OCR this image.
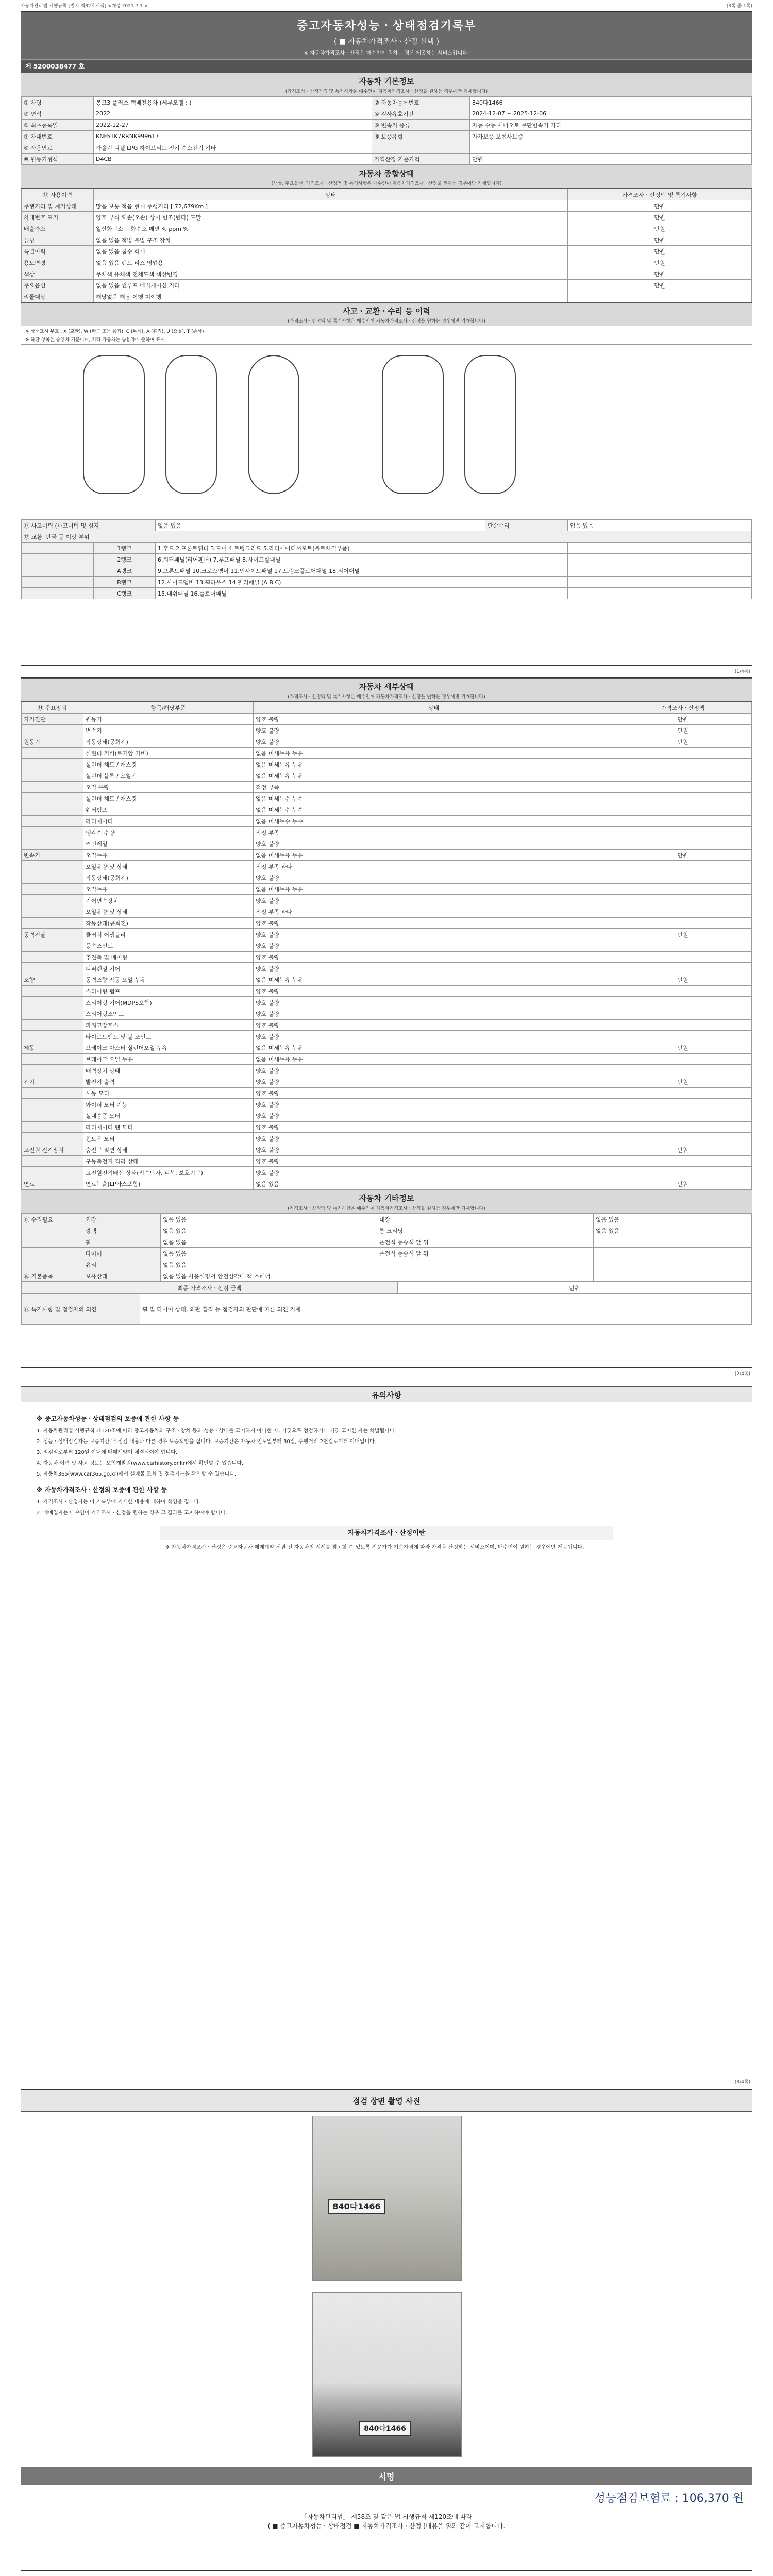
자동차관리법 시행규칙 [별지 제82호서식] <개정 2021.7.1.>	(3쪽 중 1쪽)
중고자동차성능ㆍ상태점검기록부
( ■ 자동차가격조사ㆍ산정 선택 )
※ 자동차가격조사ㆍ산정은 매수인이 원하는 경우 제공하는 서비스입니다.
제 5200038477 호
자동차 기본정보
(가격조사ㆍ산정가격 및 특기사항은 매수인이 자동차가격조사ㆍ산정을 원하는 경우에만 기재합니다)
① 차명	봉고3 플러스 택배전용차 (세부모델 : )	② 자동차등록번호	840다1466
③ 연식	2022	④ 검사유효기간	2024-12-07 ~ 2025-12-06
⑤ 최초등록일	2022-12-27	⑥ 변속기 종류	자동 수동 세미오토 무단변속기 기타
⑦ 차대번호	KNFSTK7RRNK999617	⑧ 보증유형	자가보증 보험사보증
⑨ 사용연료	가솔린 디젤 LPG 하이브리드 전기 수소전기 기타		
⑩ 원동기형식	D4CB	가격산정 기준가격	만원
자동차 종합상태
(색상, 주요옵션, 가격조사ㆍ산정액 및 특기사항은 매수인이 자동차가격조사ㆍ산정을 원하는 경우에만 기재합니다)
⑪ 사용이력	상태	가격조사ㆍ산정액 및 특기사항
주행거리 및 계기상태	많음 보통 적음 현재 주행거리 [ 72,679Km ]	만원
차대번호 표기	양호 부식 훼손(오손) 상이 변조(변타) 도말	만원
배출가스	일산화탄소 탄화수소 매연 % ppm %	만원
튜닝	없음 있음 적법 불법 구조 장치	만원
특별이력	없음 있음 침수 화재	만원
용도변경	없음 있음 렌트 리스 영업용	만원
색상	무채색 유채색 전체도색 색상변경	만원
주요옵션	없음 있음 썬루프 네비게이션 기타	만원
리콜대상	해당없음 해당 이행 미이행	
사고ㆍ교환ㆍ수리 등 이력
(가격조사ㆍ산정액 및 특기사항은 매수인이 자동차가격조사ㆍ산정을 원하는 경우에만 기재합니다)
※ 상태표시 부호 : X (교환), W (판금 또는 용접), C (부식), A (흠집), U (요철), T (손상)
※ 하단 항목은 승용차 기준이며, 기타 자동차는 승용차에 준하여 표시
⑫ 사고이력 (사고이력 및 심지		없음 있음	단순수리	없음 있음
⑬ 교환, 판금 등 이상 부위				
	1랭크	1.후드 2.프론트휀더 3.도어 4.트렁크리드 5.라디에이터서포트(볼트체결부품)		
	2랭크	6.쿼터패널(리어휀더) 7.루프패널 8.사이드실패널		
	A랭크	9.프론트패널 10.크로스멤버 11.인사이드패널 17.트렁크플로어패널 18.리어패널		
	B랭크	12.사이드멤버 13.휠하우스 14.필러패널 (A B C)		
	C랭크	15.대쉬패널 16.플로어패널		
(1/4쪽)
자동차 세부상태
(가격조사ㆍ산정액 및 특기사항은 매수인이 자동차가격조사ㆍ산정을 원하는 경우에만 기재합니다)
⑭ 주요장치	항목/해당부품	상태	가격조사ㆍ산정액
자기진단	원동기	양호 불량	만원
	변속기	양호 불량	만원
원동기	작동상태(공회전)	양호 불량	만원
	실린더 커버(로커암 커버)	없음 미세누유 누유	
	실린더 헤드 / 개스킷	없음 미세누유 누유	
	실린더 블록 / 오일팬	없음 미세누유 누유	
	오일 유량	적정 부족	
	실린더 헤드 / 개스킷	없음 미세누수 누수	
	워터펌프	없음 미세누수 누수	
	라디에이터	없음 미세누수 누수	
	냉각수 수량	적정 부족	
	커먼레일	양호 불량	
변속기	오일누유	없음 미세누유 누유	만원
	오일유량 및 상태	적정 부족 과다	
	작동상태(공회전)	양호 불량	
	오일누유	없음 미세누유 누유	
	기어변속장치	양호 불량	
	오일유량 및 상태	적정 부족 과다	
	작동상태(공회전)	양호 불량	
동력전달	클러치 어셈블리	양호 불량	만원
	등속조인트	양호 불량	
	추진축 및 베어링	양호 불량	
	디퍼렌셜 기어	양호 불량	
조향	동력조향 작동 오일 누유	없음 미세누유 누유	만원
	스티어링 펌프	양호 불량	
	스티어링 기어(MDPS포함)	양호 불량	
	스티어링조인트	양호 불량	
	파워고압호스	양호 불량	
	타이로드엔드 및 볼 조인트	양호 불량	
제동	브레이크 마스터 실린더오일 누유	없음 미세누유 누유	만원
	브레이크 오일 누유	없음 미세누유 누유	
	배력장치 상태	양호 불량	
전기	발전기 출력	양호 불량	만원
	시동 모터	양호 불량	
	와이퍼 모터 기능	양호 불량	
	실내송풍 모터	양호 불량	
	라디에이터 팬 모터	양호 불량	
	윈도우 모터	양호 불량	
고전원 전기장치	충전구 절연 상태	양호 불량	만원
	구동축전지 격리 상태	양호 불량	
	고전원전기배선 상태(접속단자, 피복, 보호기구)	양호 불량	
연료	연료누출(LP가스포함)	없음 있음	만원
자동차 기타정보
(가격조사ㆍ산정액 및 특기사항은 매수인이 자동차가격조사ㆍ산정을 원하는 경우에만 기재합니다)
⑮ 수리필요	외장	없음 있음	내장	없음 있음
	광택	없음 있음	룸 크리닝	없음 있음
	휠	없음 있음	운전석 동승석 앞 뒤	
	타이어	없음 있음	운전석 동승석 앞 뒤	
	유리	없음 있음		
⑯ 기본품목	보유상태	없음 있음 사용설명서 안전삼각대 잭 스패너		
최종 가격조사ㆍ산정 금액		만원
⑰ 특기사항 및 점검자의 의견	휠 및 타이어 상태, 외판 흠집 등 점검자의 판단에 따른 의견 기재	
(2/4쪽)
유의사항
※ 중고자동차성능ㆍ상태점검의 보증에 관한 사항 등

1. 자동차관리법 시행규칙 제120조에 따라 중고자동차의 구조ㆍ장치 등의 성능ㆍ상태를 고지하지 아니한 자, 거짓으로 점검하거나 거짓 고지한 자는 처벌됩니다.

2. 성능ㆍ상태점검자는 보증기간 내 점검 내용과 다른 경우 보증책임을 집니다. 보증기간은 자동차 인도일부터 30일, 주행거리 2천킬로미터 이내입니다.

3. 점검일로부터 120일 이내에 매매계약이 체결되어야 합니다.

4. 자동차 이력 및 사고 정보는 보험개발원(www.carhistory.or.kr)에서 확인할 수 있습니다.

5. 자동차365(www.car365.go.kr)에서 실매물 조회 및 점검기록을 확인할 수 있습니다.

※ 자동차가격조사ㆍ산정의 보증에 관한 사항 등

1. 가격조사ㆍ산정자는 이 기록부에 기재한 내용에 대하여 책임을 집니다.

2. 매매업자는 매수인이 가격조사ㆍ산정을 원하는 경우 그 결과를 고지하여야 합니다.

자동차가격조사ㆍ산정이란
※ 자동차가격조사ㆍ산정은 중고자동차 매매계약 체결 전 자동차의 시세를 참고할 수 있도록 전문가가 기준가격에 따라 가격을 산정하는 서비스이며, 매수인이 원하는 경우에만 제공됩니다.
(3/4쪽)
점검 장면 촬영 사진
840다1466
840다1466
서명
성능점검보험료 : 106,370 원
「자동차관리법」 제58조 및 같은 법 시행규칙 제120조에 따라
( ■ 중고자동차성능ㆍ상태점검 ■ 자동차가격조사ㆍ산정 )내용을 위와 같이 고지합니다.
